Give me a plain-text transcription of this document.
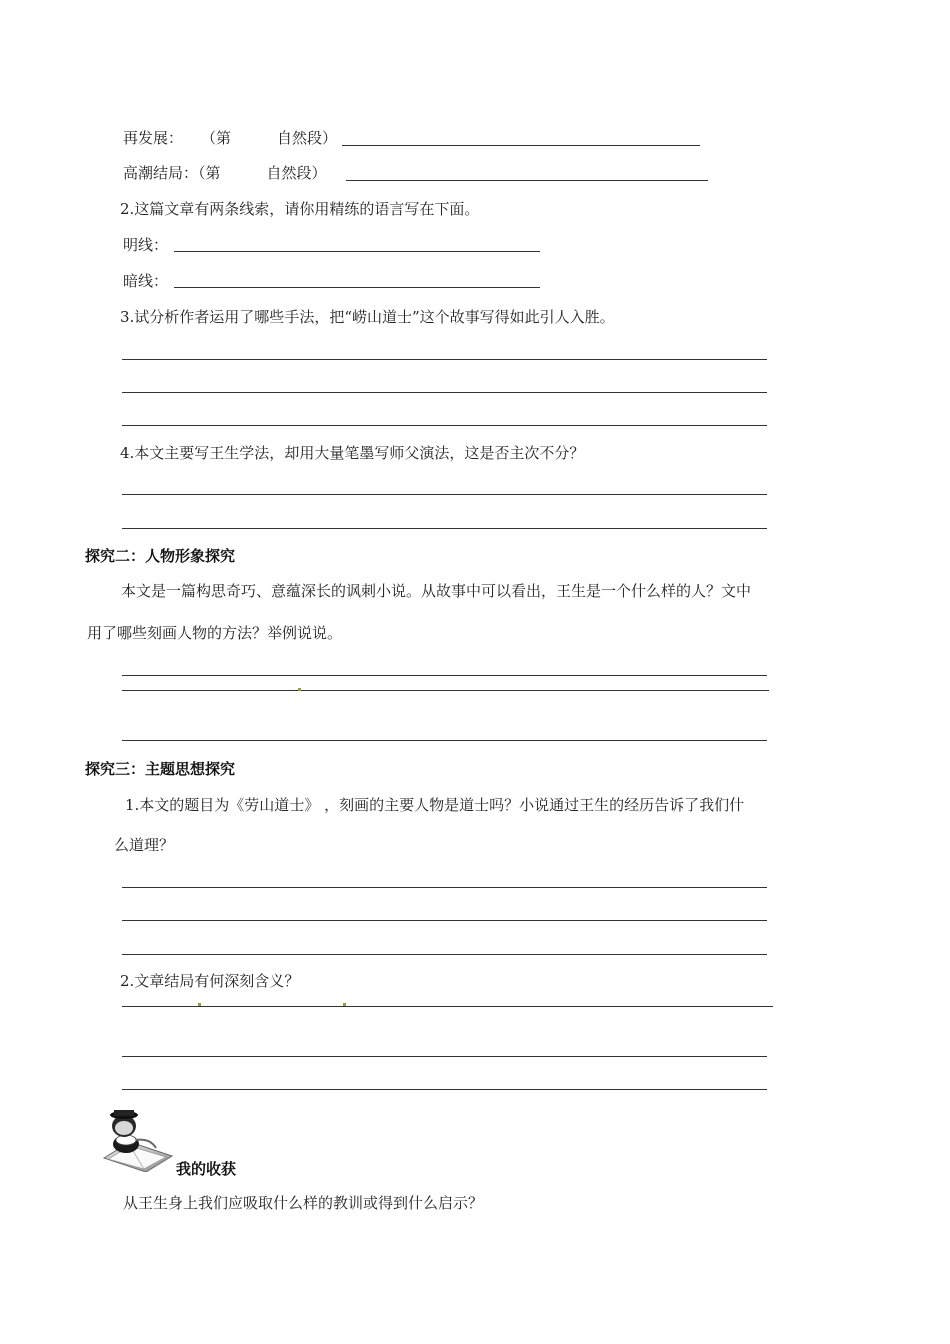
再发展： （第	自然段）
高潮结局：（第	自然段）
2.这篇文章有两条线索，请你用精练的语言写在下面。
明线：
暗线：
3.试分析作者运用了哪些手法，把“崂山道士”这个故事写得如此引人入胜。
4.本文主要写王生学法，却用大量笔墨写师父演法，这是否主次不分？
探究二：人物形象探究
本文是一篇构思奇巧、意蕴深长的讽刺小说。从故事中可以看出，王生是一个什么样的人？文中
用了哪些刻画人物的方法？举例说说。
探究三：主题思想探究
1.本文的题目为《劳山道士》 ，刻画的主要人物是道士吗？小说通过王生的经历告诉了我们什
么道理？
2.文章结局有何深刻含义？
我的收获
从王生身上我们应吸取什么样的教训或得到什么启示？
